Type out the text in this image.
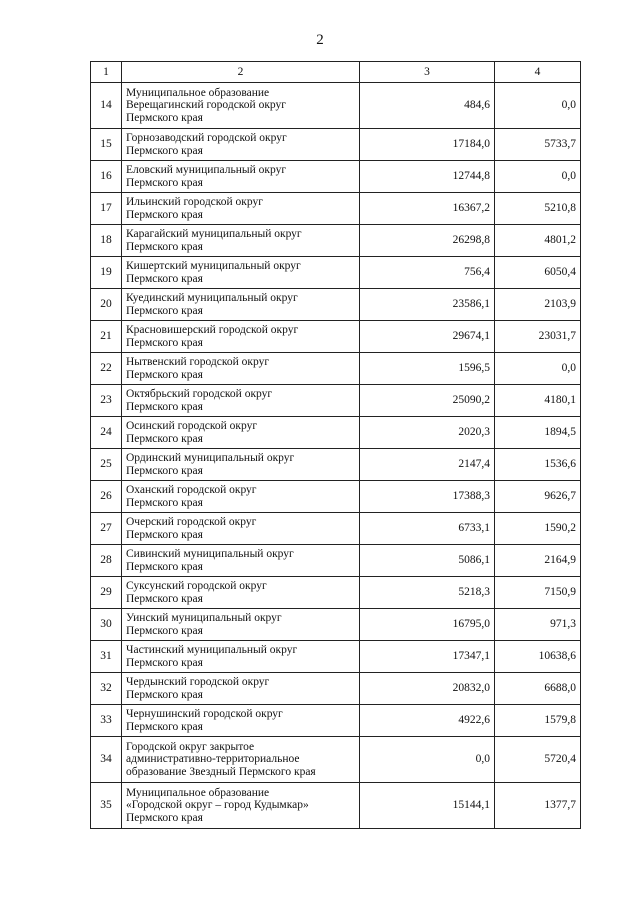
2
1	2	3	4
14	Муниципальное образование
Верещагинский городской округ
Пермского края	484,6	0,0
15	Горнозаводский городской округ
Пермского края	17184,0	5733,7
16	Еловский муниципальный округ
Пермского края	12744,8	0,0
17	Ильинский городской округ
Пермского края	16367,2	5210,8
18	Карагайский муниципальный округ
Пермского края	26298,8	4801,2
19	Кишертский муниципальный округ
Пермского края	756,4	6050,4
20	Куединский муниципальный округ
Пермского края	23586,1	2103,9
21	Красновишерский городской округ
Пермского края	29674,1	23031,7
22	Нытвенский городской округ
Пермского края	1596,5	0,0
23	Октябрьский городской округ
Пермского края	25090,2	4180,1
24	Осинский городской округ
Пермского края	2020,3	1894,5
25	Ординский муниципальный округ
Пермского края	2147,4	1536,6
26	Оханский городской округ
Пермского края	17388,3	9626,7
27	Очерский городской округ
Пермского края	6733,1	1590,2
28	Сивинский муниципальный округ
Пермского края	5086,1	2164,9
29	Суксунский городской округ
Пермского края	5218,3	7150,9
30	Уинский муниципальный округ
Пермского края	16795,0	971,3
31	Частинский муниципальный округ
Пермского края	17347,1	10638,6
32	Чердынский городской округ
Пермского края	20832,0	6688,0
33	Чернушинский городской округ
Пермского края	4922,6	1579,8
34	Городской округ закрытое
административно-территориальное
образование Звездный Пермского края	0,0	5720,4
35	Муниципальное образование
«Городской округ – город Кудымкар»
Пермского края	15144,1	1377,7
